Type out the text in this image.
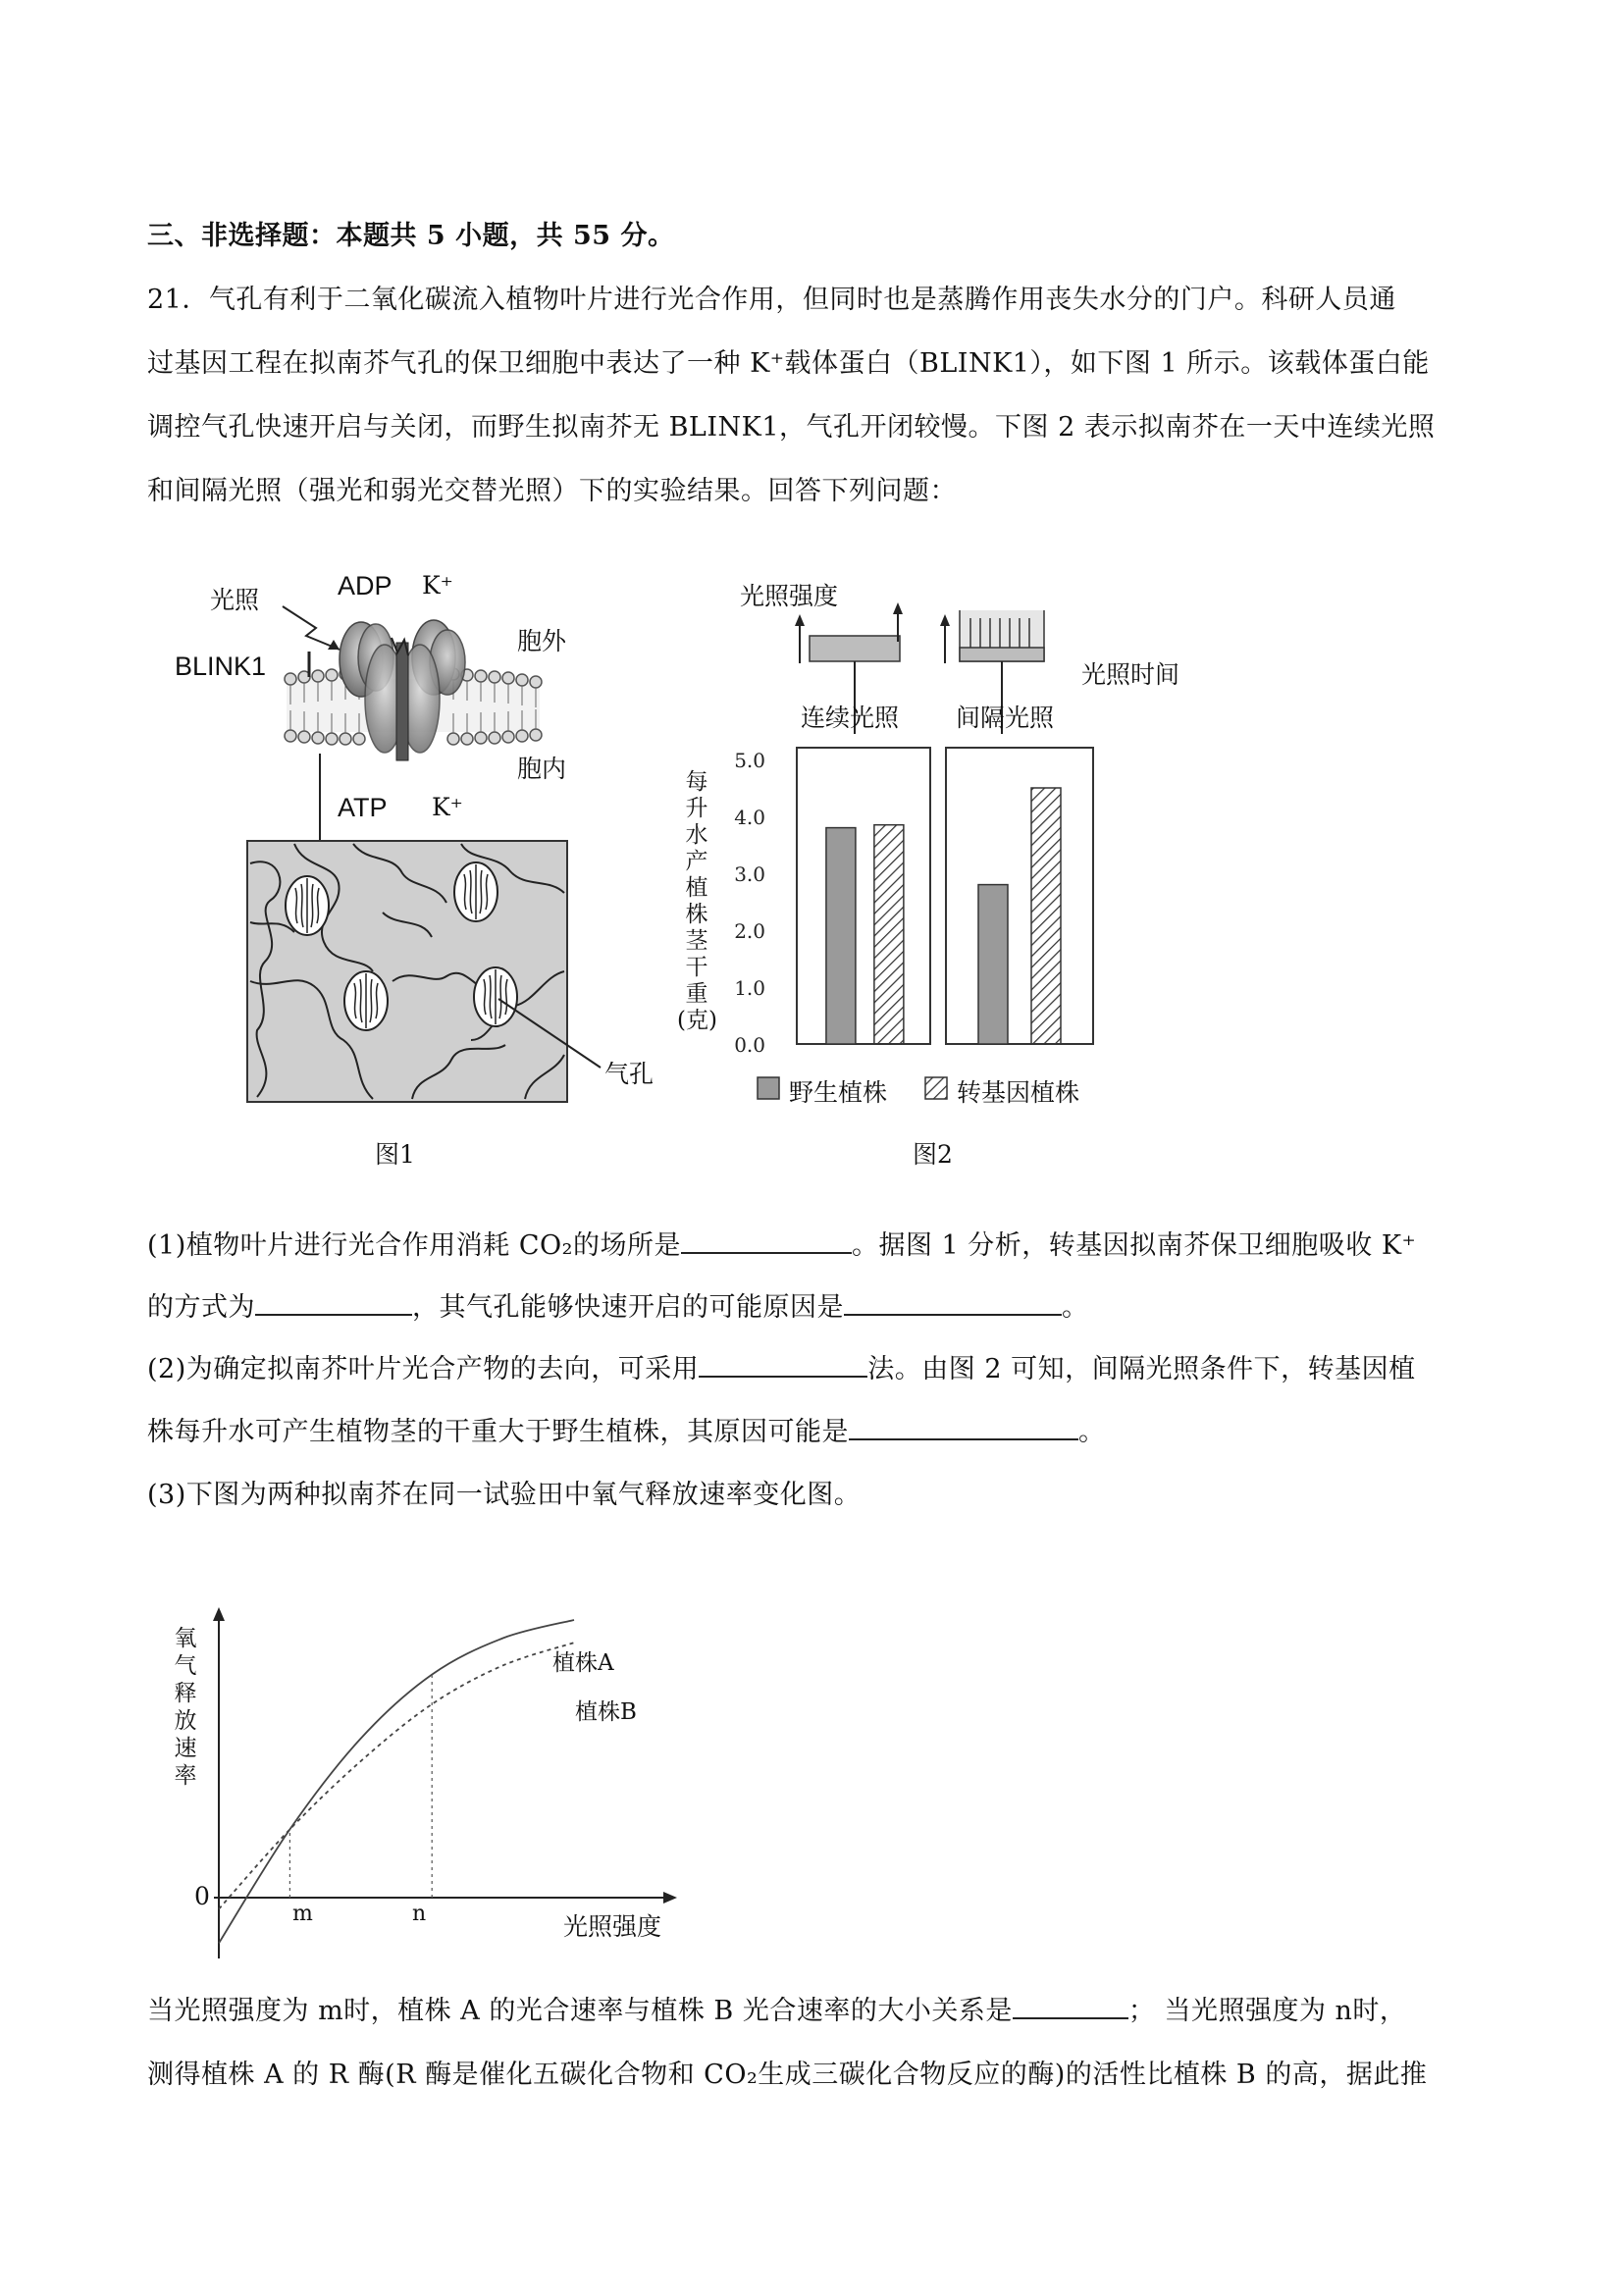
三、非选择题：本题共 5 小题，共 55 分。
21．气孔有利于二氧化碳流入植物叶片进行光合作用，但同时也是蒸腾作用丧失水分的门户。科研人员通
过基因工程在拟南芥气孔的保卫细胞中表达了一种 K⁺载体蛋白（BLINK1），如下图 1 所示。该载体蛋白能
调控气孔快速开启与关闭，而野生拟南芥无 BLINK1，气孔开闭较慢。下图 2 表示拟南芥在一天中连续光照
和间隔光照（强光和弱光交替光照）下的实验结果。回答下列问题：
5.0
4.0
3.0
2.0
1.0
0.0
光照	ADP K⁺
BLINK1
胞外
胞内
ATP K⁺
气孔
图1
光照强度
光照时间
连续光照 间隔光照
每
升
水
产
植
株
茎
干
重
(克)
野生植株	转基因植株
图2
(1)植物叶片进行光合作用消耗 CO₂的场所是	。据图 1 分析，转基因拟南芥保卫细胞吸收 K⁺
的方式为	，其气孔能够快速开启的可能原因是	。
(2)为确定拟南芥叶片光合产物的去向，可采用	法。由图 2 可知，间隔光照条件下，转基因植
株每升水可产生植物茎的干重大于野生植株，其原因可能是	。
(3)下图为两种拟南芥在同一试验田中氧气释放速率变化图。
氧
气
释
放
速
率
0
m	n	光照强度
植株A
植株B
当光照强度为 m时，植株 A 的光合速率与植株 B 光合速率的大小关系是	； 当光照强度为 n时，
测得植株 A 的 R 酶(R 酶是催化五碳化合物和 CO₂生成三碳化合物反应的酶)的活性比植株 B 的高，据此推
